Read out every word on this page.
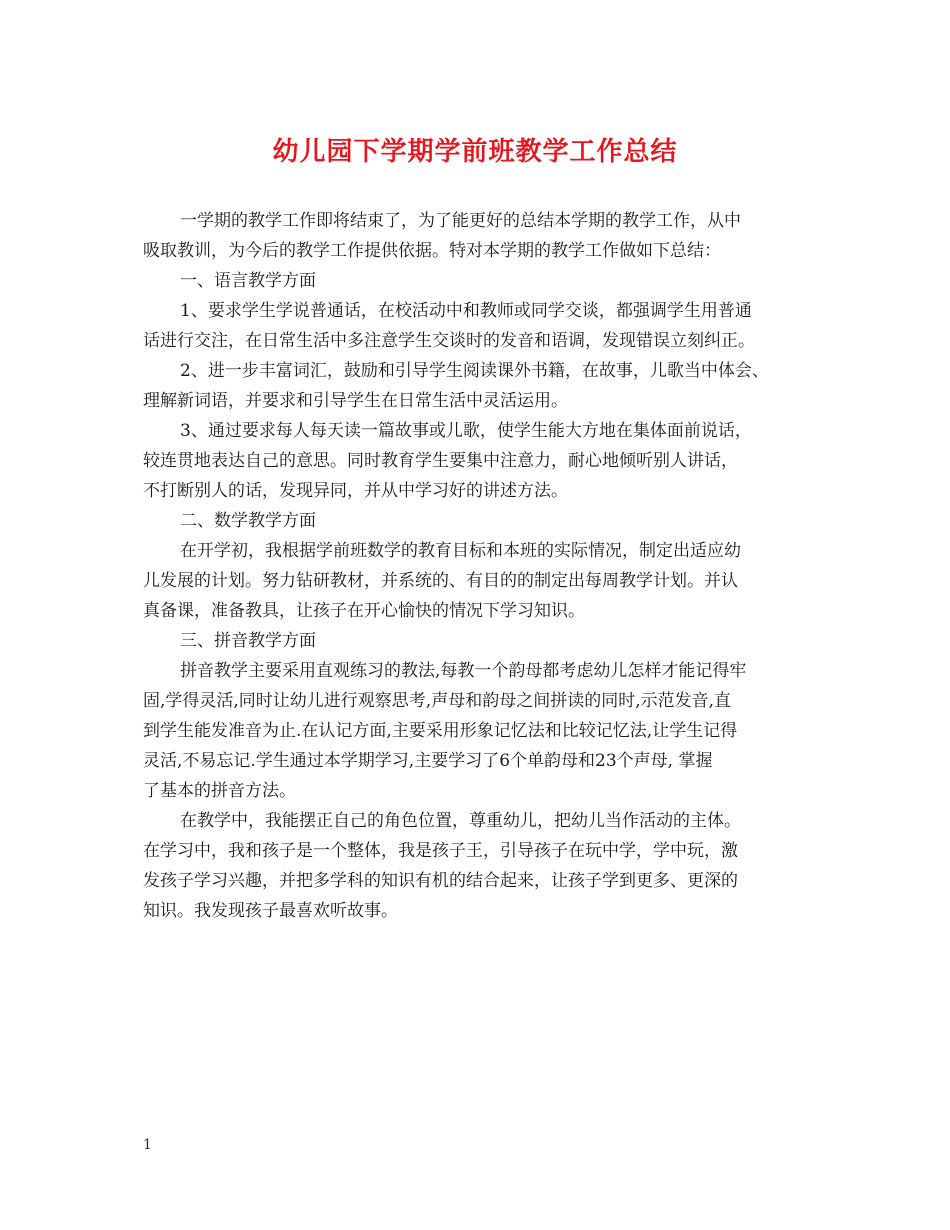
幼儿园下学期学前班教学工作总结
一学期的教学工作即将结束了，为了能更好的总结本学期的教学工作，从中
吸取教训，为今后的教学工作提供依据。特对本学期的教学工作做如下总结：
一、语言教学方面
1、要求学生学说普通话，在校活动中和教师或同学交谈，都强调学生用普通
话进行交注，在日常生活中多注意学生交谈时的发音和语调，发现错误立刻纠正。
2、进一步丰富词汇，鼓励和引导学生阅读课外书籍，在故事，儿歌当中体会、
理解新词语，并要求和引导学生在日常生活中灵活运用。
3、通过要求每人每天读一篇故事或儿歌，使学生能大方地在集体面前说话，
较连贯地表达自己的意思。同时教育学生要集中注意力，耐心地倾听别人讲话，
不打断别人的话，发现异同，并从中学习好的讲述方法。
二、数学教学方面
在开学初，我根据学前班数学的教育目标和本班的实际情况，制定出适应幼
儿发展的计划。努力钻研教材，并系统的、有目的的制定出每周教学计划。并认
真备课，准备教具，让孩子在开心愉快的情况下学习知识。
三、拼音教学方面
拼音教学主要采用直观练习的教法,每教一个韵母都考虑幼儿怎样才能记得牢
固,学得灵活,同时让幼儿进行观察思考,声母和韵母之间拼读的同时,示范发音,直
到学生能发准音为止.在认记方面,主要采用形象记忆法和比较记忆法,让学生记得
灵活,不易忘记.学生通过本学期学习,主要学习了6个单韵母和23个声母, 掌握
了基本的拼音方法。
在教学中，我能摆正自己的角色位置，尊重幼儿，把幼儿当作活动的主体。
在学习中，我和孩子是一个整体，我是孩子王，引导孩子在玩中学，学中玩，激
发孩子学习兴趣，并把多学科的知识有机的结合起来，让孩子学到更多、更深的
知识。我发现孩子最喜欢听故事。
1
